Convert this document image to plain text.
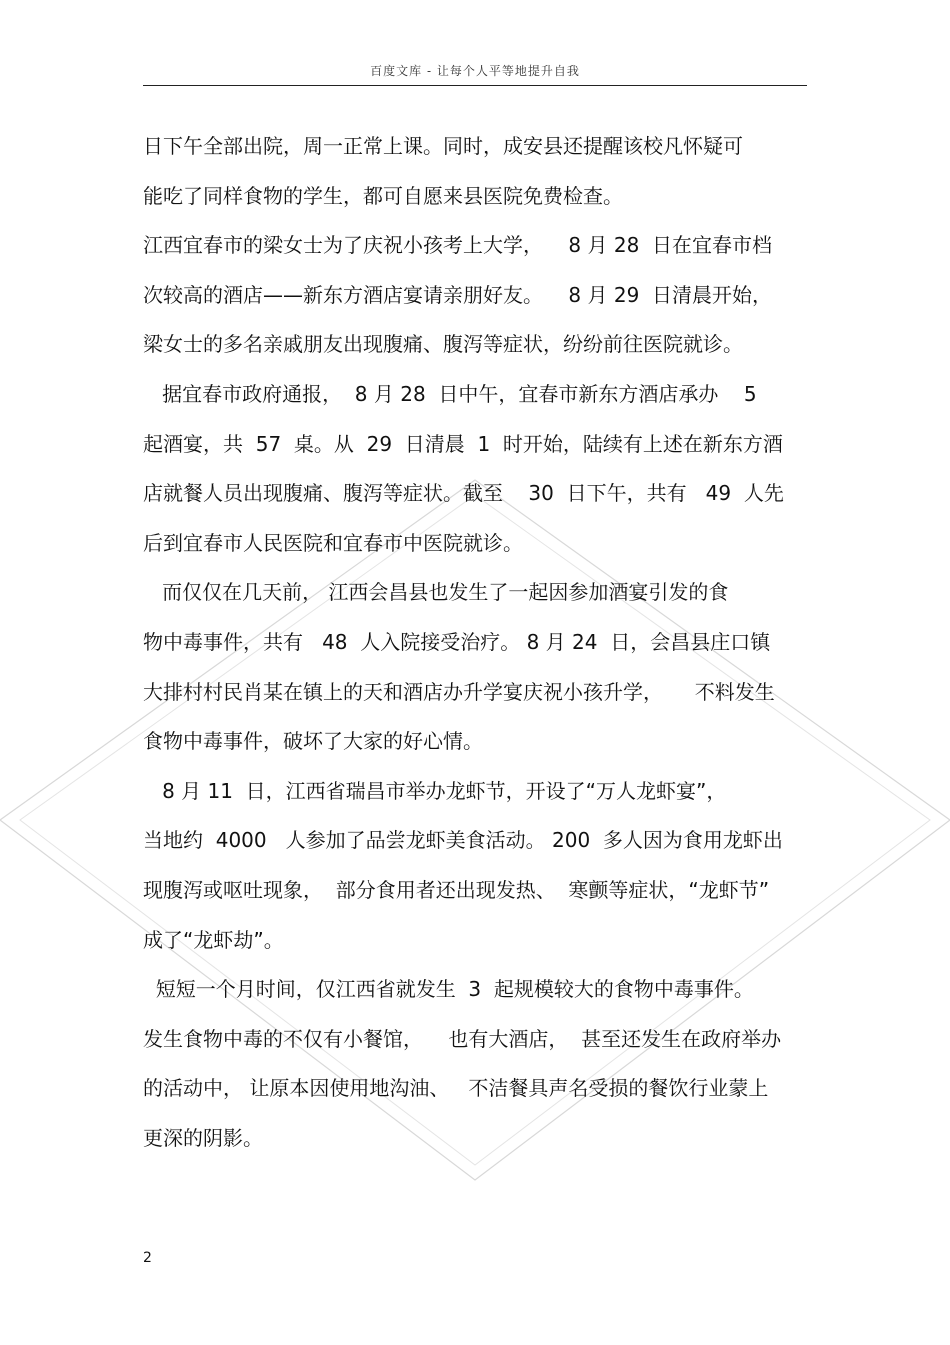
百度文库 - 让每个人平等地提升自我
日下午全部出院，周一正常上课。同时，成安县还提醒该校凡怀疑可
能吃了同样食物的学生，都可自愿来县医院免费检查。
江西宜春市的梁女士为了庆祝小孩考上大学，    8 月 28  日在宜春市档
次较高的酒店——新东方酒店宴请亲朋好友。    8 月 29  日清晨开始，
梁女士的多名亲戚朋友出现腹痛、腹泻等症状，纷纷前往医院就诊。
据宜春市政府通报，  8 月 28  日中午，宜春市新东方酒店承办    5
起酒宴，共  57  桌。从  29  日清晨  1  时开始，陆续有上述在新东方酒
店就餐人员出现腹痛、腹泻等症状。截至    30  日下午，共有   49  人先
后到宜春市人民医院和宜春市中医院就诊。
而仅仅在几天前， 江西会昌县也发生了一起因参加酒宴引发的食
物中毒事件，共有   48  人入院接受治疗。 8 月 24  日，会昌县庄口镇
大排村村民肖某在镇上的天和酒店办升学宴庆祝小孩升学，     不料发生
食物中毒事件，破坏了大家的好心情。
8 月 11  日，江西省瑞昌市举办龙虾节，开设了“万人龙虾宴”，
当地约  4000   人参加了品尝龙虾美食活动。 200  多人因为食用龙虾出
现腹泻或呕吐现象，  部分食用者还出现发热、  寒颤等症状，“龙虾节”
成了“龙虾劫”。
短短一个月时间，仅江西省就发生  3  起规模较大的食物中毒事件。
发生食物中毒的不仅有小餐馆，    也有大酒店，  甚至还发生在政府举办
的活动中， 让原本因使用地沟油、   不洁餐具声名受损的餐饮行业蒙上
更深的阴影。
2
